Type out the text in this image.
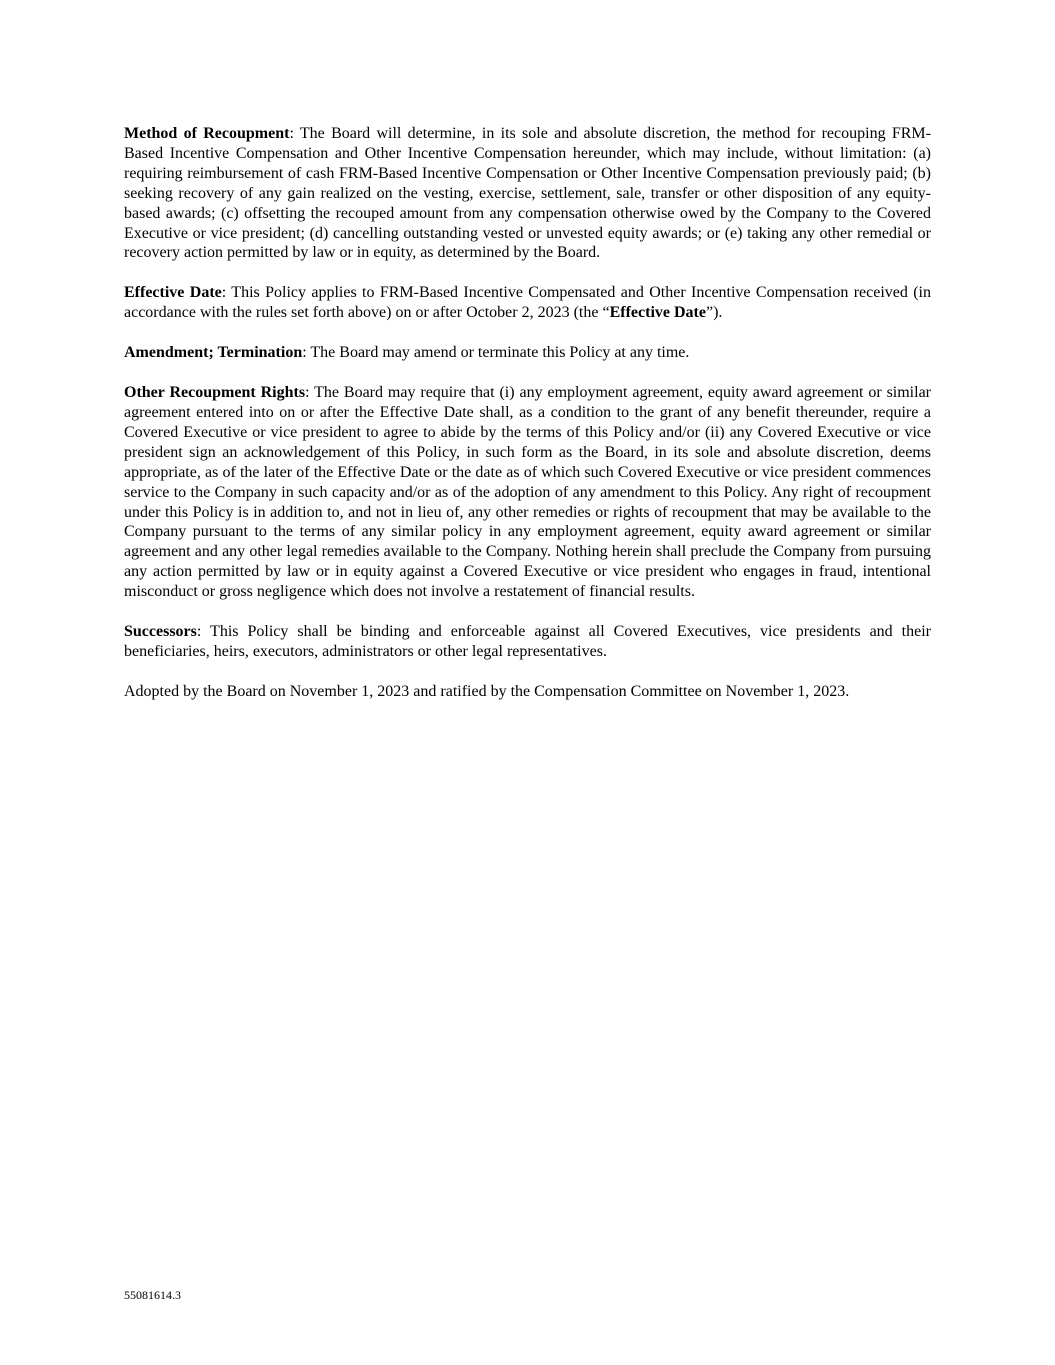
Method of Recoupment: The Board will determine, in its sole and absolute discretion, the method for recouping FRM-Based Incentive Compensation and Other Incentive Compensation hereunder, which may include, without limitation: (a) requiring reimbursement of cash FRM-Based Incentive Compensation or Other Incentive Compensation previously paid; (b) seeking recovery of any gain realized on the vesting, exercise, settlement, sale, transfer or other disposition of any equity-based awards; (c) offsetting the recouped amount from any compensation otherwise owed by the Company to the Covered Executive or vice president; (d) cancelling outstanding vested or unvested equity awards; or (e) taking any other remedial or recovery action permitted by law or in equity, as determined by the Board.

Effective Date: This Policy applies to FRM-Based Incentive Compensated and Other Incentive Compensation received (in accordance with the rules set forth above) on or after October 2, 2023 (the “Effective Date”).

Amendment; Termination: The Board may amend or terminate this Policy at any time.

Other Recoupment Rights: The Board may require that (i) any employment agreement, equity award agreement or similar agreement entered into on or after the Effective Date shall, as a condition to the grant of any benefit thereunder, require a Covered Executive or vice president to agree to abide by the terms of this Policy and/or (ii) any Covered Executive or vice president sign an acknowledgement of this Policy, in such form as the Board, in its sole and absolute discretion, deems appropriate, as of the later of the Effective Date or the date as of which such Covered Executive or vice president commences service to the Company in such capacity and/or as of the adoption of any amendment to this Policy. Any right of recoupment under this Policy is in addition to, and not in lieu of, any other remedies or rights of recoupment that may be available to the Company pursuant to the terms of any similar policy in any employment agreement, equity award agreement or similar agreement and any other legal remedies available to the Company. Nothing herein shall preclude the Company from pursuing any action permitted by law or in equity against a Covered Executive or vice president who engages in fraud, intentional misconduct or gross negligence which does not involve a restatement of financial results.

Successors: This Policy shall be binding and enforceable against all Covered Executives, vice presidents and their beneficiaries, heirs, executors, administrators or other legal representatives.

Adopted by the Board on November 1, 2023 and ratified by the Compensation Committee on November 1, 2023.

55081614.3
